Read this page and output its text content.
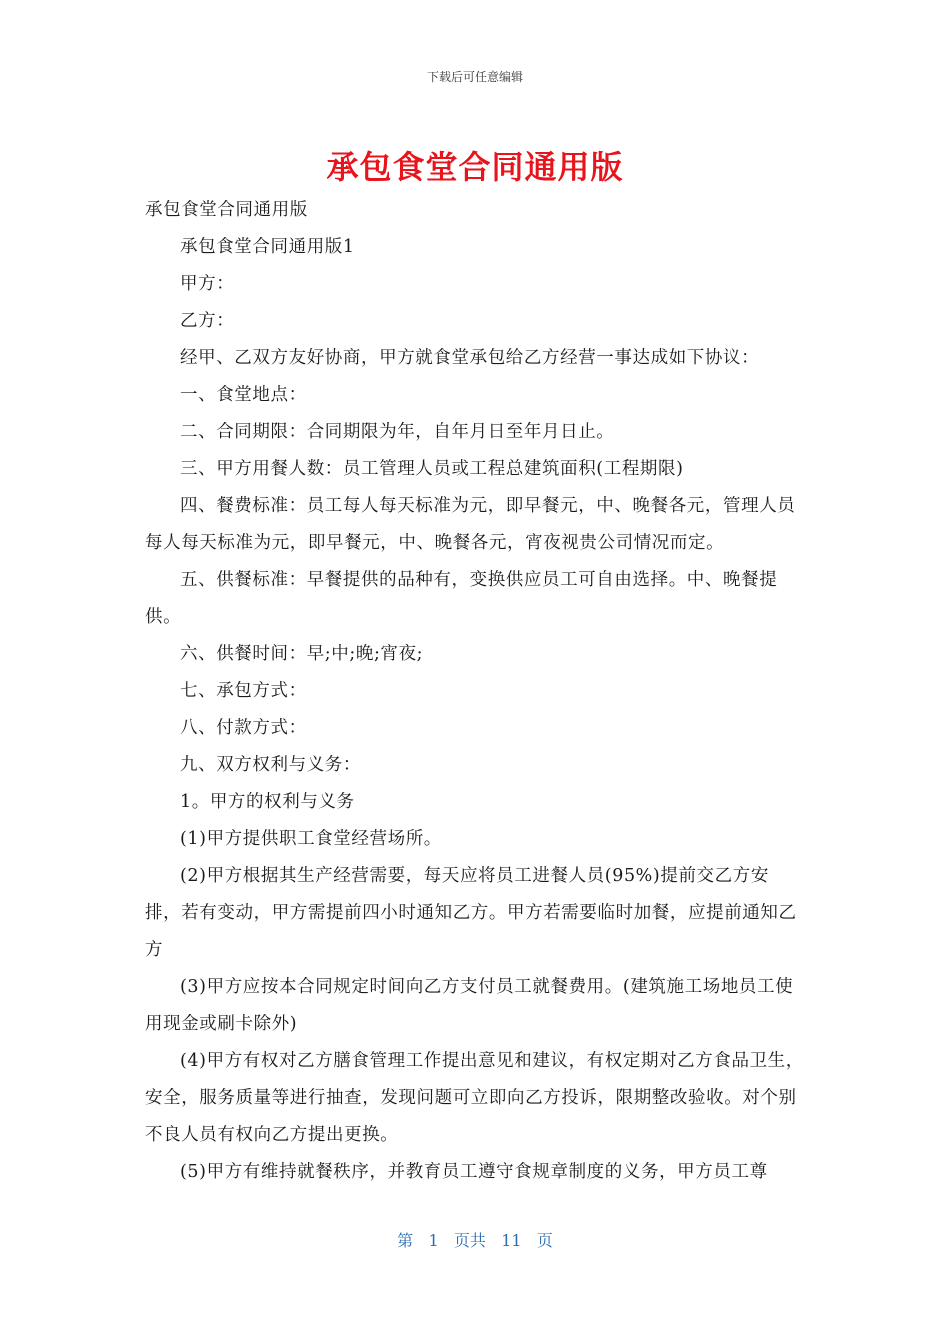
下载后可任意编辑
承包食堂合同通用版

承包食堂合同通用版

承包食堂合同通用版1

甲方：

乙方：

经甲、乙双方友好协商，甲方就食堂承包给乙方经营一事达成如下协议：

一、食堂地点：

二、合同期限：合同期限为年，自年月日至年月日止。

三、甲方用餐人数：员工管理人员或工程总建筑面积(工程期限)

四、餐费标准：员工每人每天标准为元，即早餐元，中、晚餐各元，管理人员每人每天标准为元，即早餐元，中、晚餐各元，宵夜视贵公司情况而定。

五、供餐标准：早餐提供的品种有，变换供应员工可自由选择。中、晚餐提供。

六、供餐时间：早;中;晚;宵夜;

七、承包方式：

八、付款方式：

九、双方权利与义务：

1。甲方的权利与义务

(1)甲方提供职工食堂经营场所。

(2)甲方根据其生产经营需要，每天应将员工进餐人员(95%)提前交乙方安排，若有变动，甲方需提前四小时通知乙方。甲方若需要临时加餐，应提前通知乙方

(3)甲方应按本合同规定时间向乙方支付员工就餐费用。(建筑施工场地员工使用现金或刷卡除外)

(4)甲方有权对乙方膳食管理工作提出意见和建议，有权定期对乙方食品卫生，安全，服务质量等进行抽查，发现问题可立即向乙方投诉，限期整改验收。对个别不良人员有权向乙方提出更换。

(5)甲方有维持就餐秩序，并教育员工遵守食规章制度的义务，甲方员工尊

第 1 页共 11 页
